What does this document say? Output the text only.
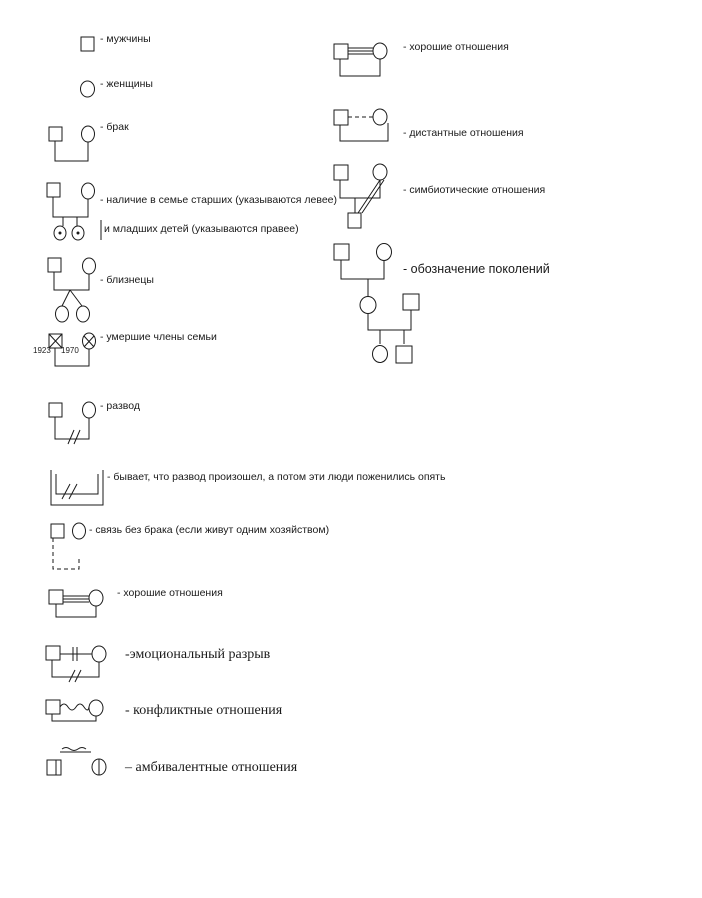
- мужчины
- женщины
- брак
- наличие в семье старших (указываются левее)
и младших детей (указываются правее)
- близнецы
1923 1970
- умершие члены семьи
- развод
- бывает, что развод произошел, а потом эти люди поженились опять
- связь без брака (если живут одним хозяйством)
- хорошие отношения
-эмоциональный разрыв
- конфликтные отношения
– амбивалентные отношения
- хорошие отношения
- дистантные отношения
- симбиотические отношения
- обозначение поколений
